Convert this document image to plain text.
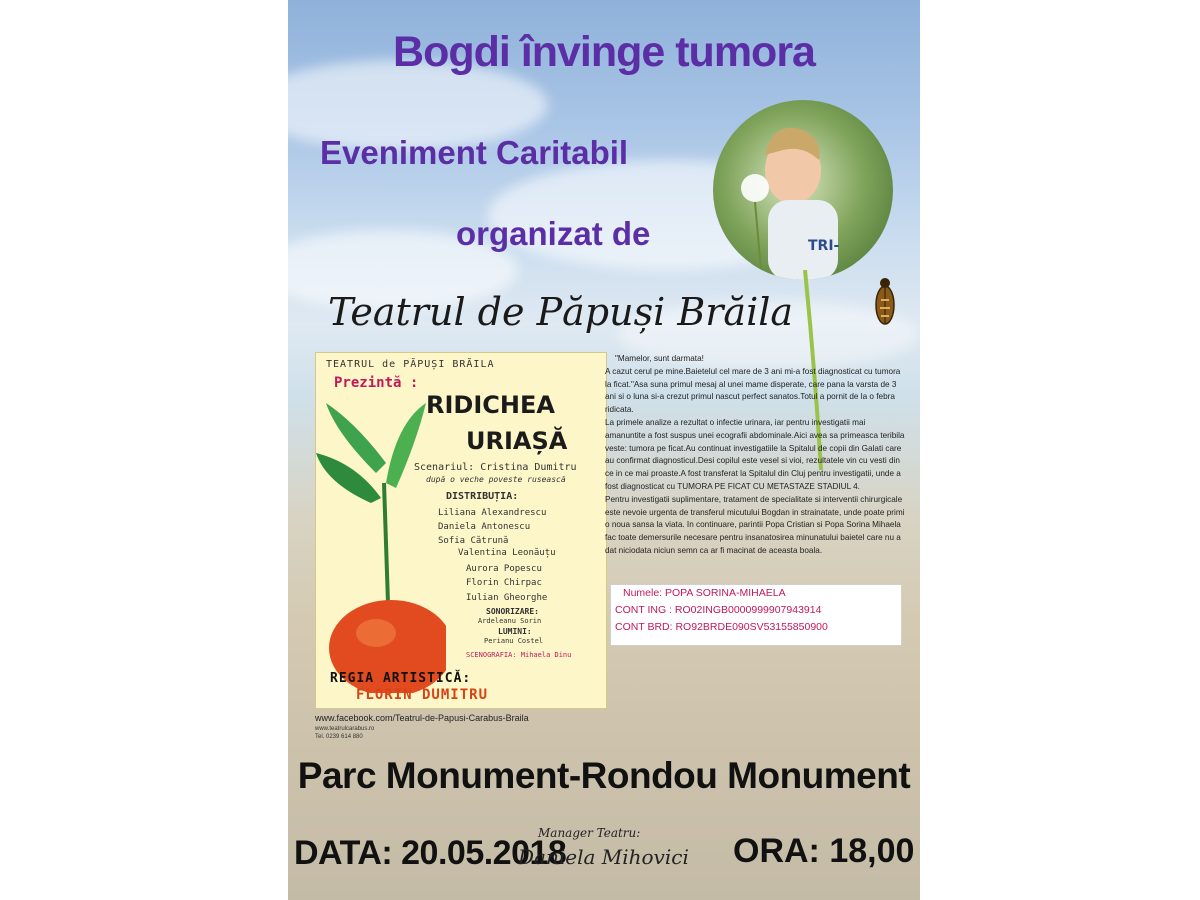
Bogdi învinge tumora
Eveniment Caritabil
organizat de
Teatrul de Păpuși Brăila
TRI-
TEATRUL de PĂPUȘI BRĂILA
Prezintă :
RIDICHEA
URIAȘĂ
Scenariul: Cristina Dumitru
după o veche poveste rusească
DISTRIBUȚIA:
Liliana Alexandrescu
Daniela Antonescu
Sofia Cătrună
Valentina Leonăuțu
Aurora Popescu
Florin Chirpac
Iulian Gheorghe
SONORIZARE:
Ardeleanu Sorin
LUMINI:
Perianu Costel
SCENOGRAFIA: Mihaela Dinu
REGIA ARTISTICĂ:
FLORIN DUMITRU

"Mamelor, sunt darmata!

A cazut cerul pe mine.Baietelul cel mare de 3 ani mi-a fost diagnosticat cu tumora la ficat."Asa suna primul mesaj al unei mame disperate, care pana la varsta de 3 ani si o luna si-a crezut primul nascut perfect sanatos.Totul a pornit de la o febra ridicata.

La primele analize a rezultat o infectie urinara, iar pentru investigatii mai amanuntite a fost suspus unei ecografii abdominale.Aici avea sa primeasca teribila veste: tumora pe ficat.Au continuat investigatiile la Spitalul de copii din Galati care au confirmat diagnosticul.Desi copilul este vesel si vioi, rezultatele vin cu vesti din ce in ce mai proaste.A fost transferat la Spitalul din Cluj pentru investigatii, unde a fost diagnosticat cu TUMORA PE FICAT CU METASTAZE STADIUL 4.

Pentru investigatii suplimentare, tratament de specialitate si interventii chirurgicale este nevoie urgenta de transferul micutului Bogdan in strainatate, unde poate primi o noua sansa la viata. In continuare, parintii Popa Cristian si Popa Sorina Mihaela fac toate demersurile necesare pentru insanatosirea minunatului baietel care nu a dat niciodata niciun semn ca ar fi macinat de aceasta boala.

Numele: POPA SORINA-MIHAELA
CONT ING : RO02INGB0000999907943914
CONT BRD: RO92BRDE090SV53155850900
www.facebook.com/Teatrul-de-Papusi-Carabus-Braila
www.teatrulcarabus.ro
Tel. 0239 614 880
Parc Monument-Rondou Monument
DATA: 20.05.2018
Manager Teatru:
Daniela Mihovici ORA: 18,00
